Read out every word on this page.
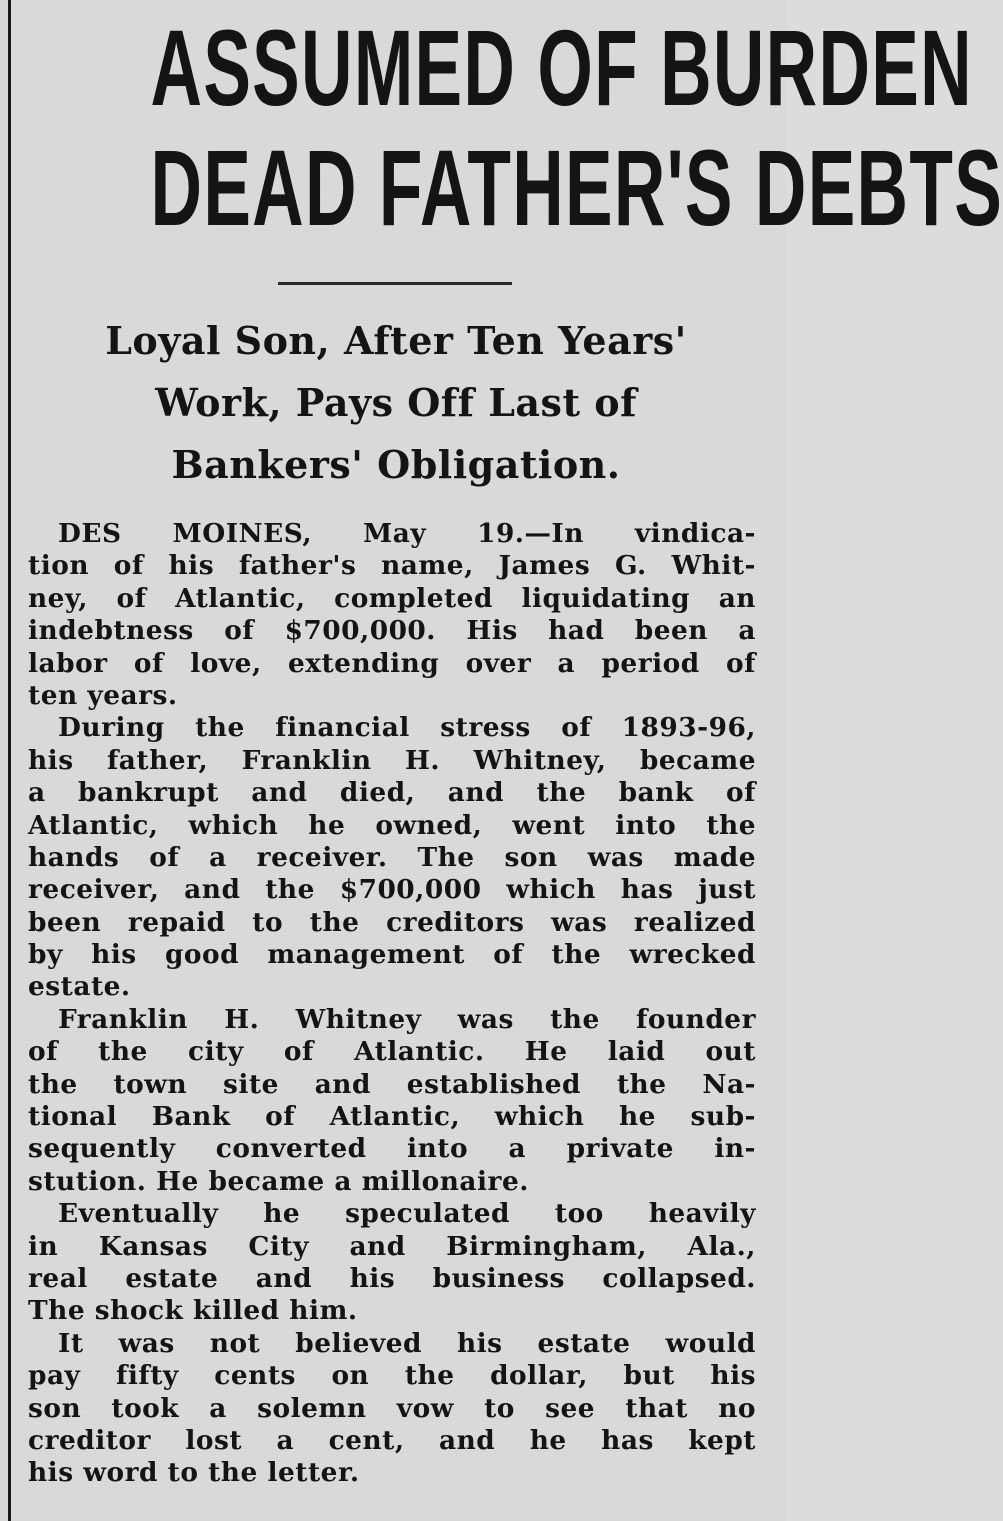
ASSUMED OF BURDEN
DEAD FATHER'S DEBTS
Loyal Son, After Ten Years'
Work, Pays Off Last of
Bankers' Obligation.
DES MOINES, May 19.—In vindica-
tion of his father's name, James G. Whit-
ney, of Atlantic, completed liquidating an
indebtness of $700,000. His had been a
labor of love, extending over a period of
ten years.
During the financial stress of 1893-96,
his father, Franklin H. Whitney, became
a bankrupt and died, and the bank of
Atlantic, which he owned, went into the
hands of a receiver. The son was made
receiver, and the $700,000 which has just
been repaid to the creditors was realized
by his good management of the wrecked
estate.
Franklin H. Whitney was the founder
of the city of Atlantic. He laid out
the town site and established the Na-
tional Bank of Atlantic, which he sub-
sequently converted into a private in-
stution. He became a millonaire.
Eventually he speculated too heavily
in Kansas City and Birmingham, Ala.,
real estate and his business collapsed.
The shock killed him.
It was not believed his estate would
pay fifty cents on the dollar, but his
son took a solemn vow to see that no
creditor lost a cent, and he has kept
his word to the letter.
